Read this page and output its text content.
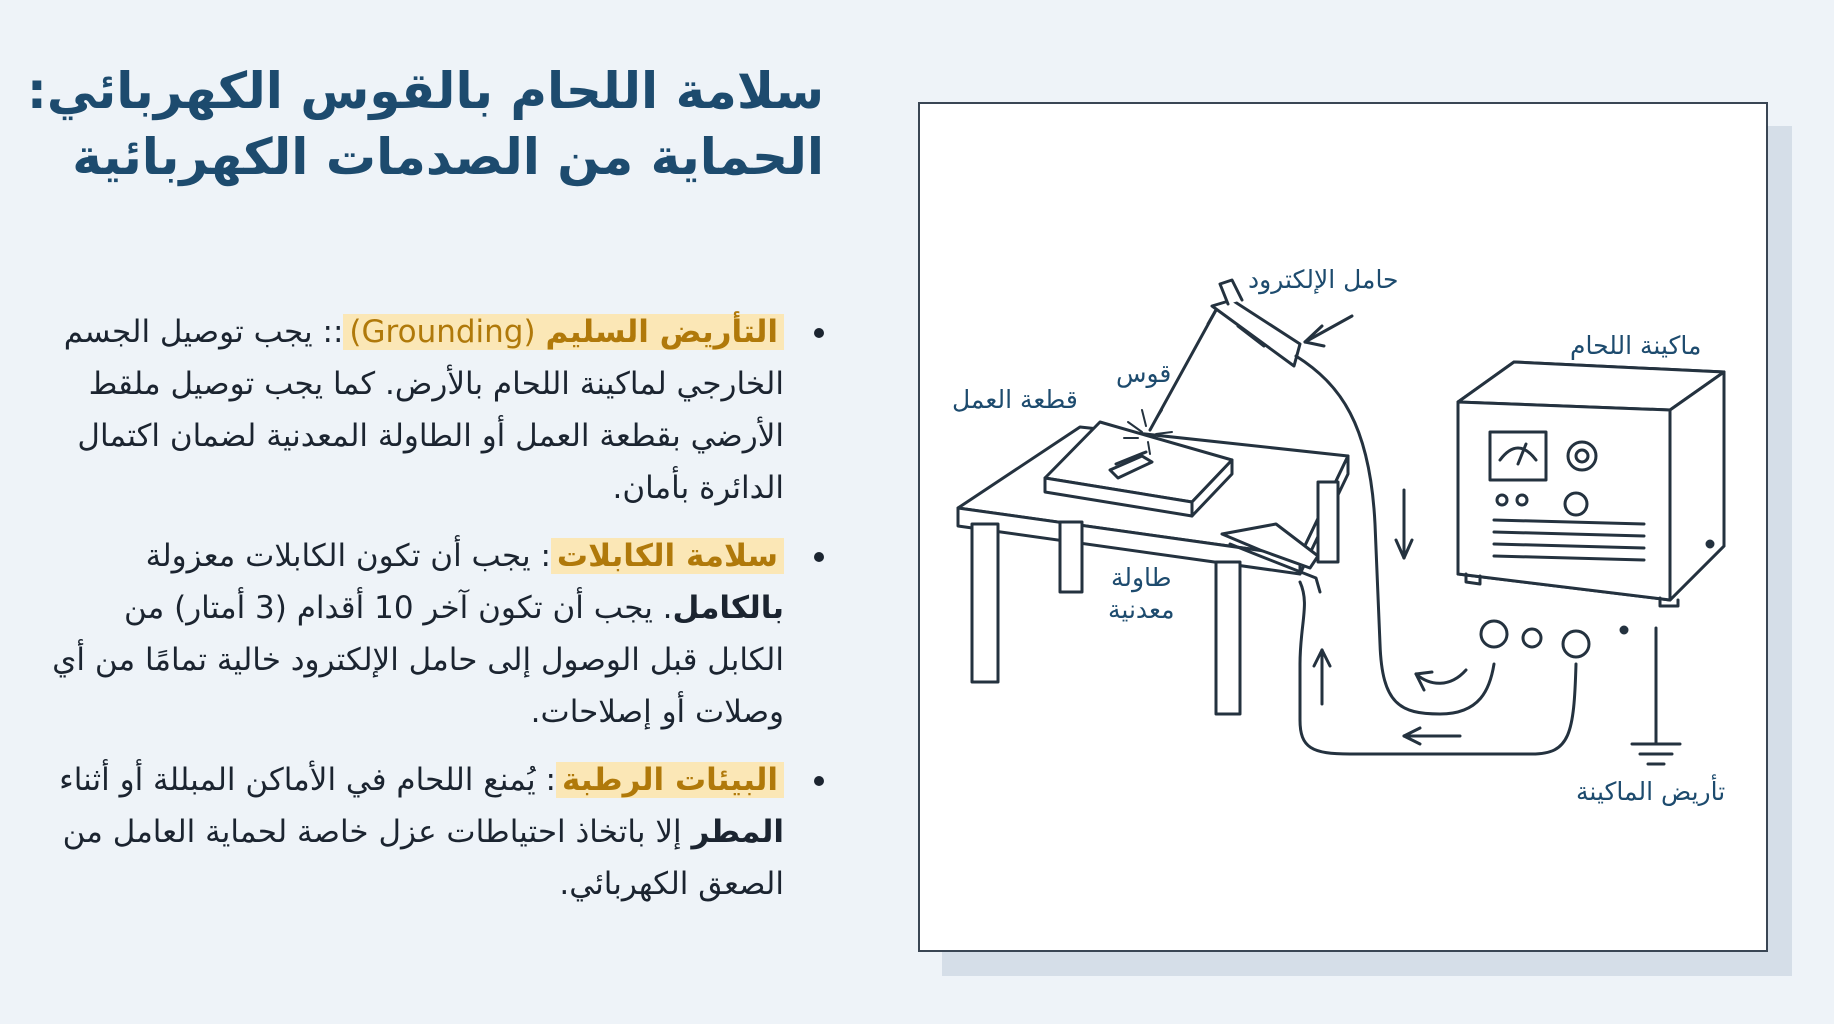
سلامة اللحام بالقوس الكهربائي:
الحماية من الصدمات الكهربائية
التأريض السليم (Grounding):: يجب توصيل الجسم الخارجي لماكينة اللحام بالأرض. كما يجب توصيل ملقط الأرضي بقطعة العمل أو الطاولة المعدنية لضمان اكتمال الدائرة بأمان.
سلامة الكابلات: يجب أن تكون الكابلات معزولة بالكامل. يجب أن تكون آخر 10 أقدام (3 أمتار) من الكابل قبل الوصول إلى حامل الإلكترود خالية تمامًا من أي وصلات أو إصلاحات.
البيئات الرطبة: يُمنع اللحام في الأماكن المبللة أو أثناء المطر إلا باتخاذ احتياطات عزل خاصة لحماية العامل من الصعق الكهربائي.
حامل الإلكترود
ماكينة اللحام
قوس
قطعة العمل
طاولة
معدنية
تأريض الماكينة
